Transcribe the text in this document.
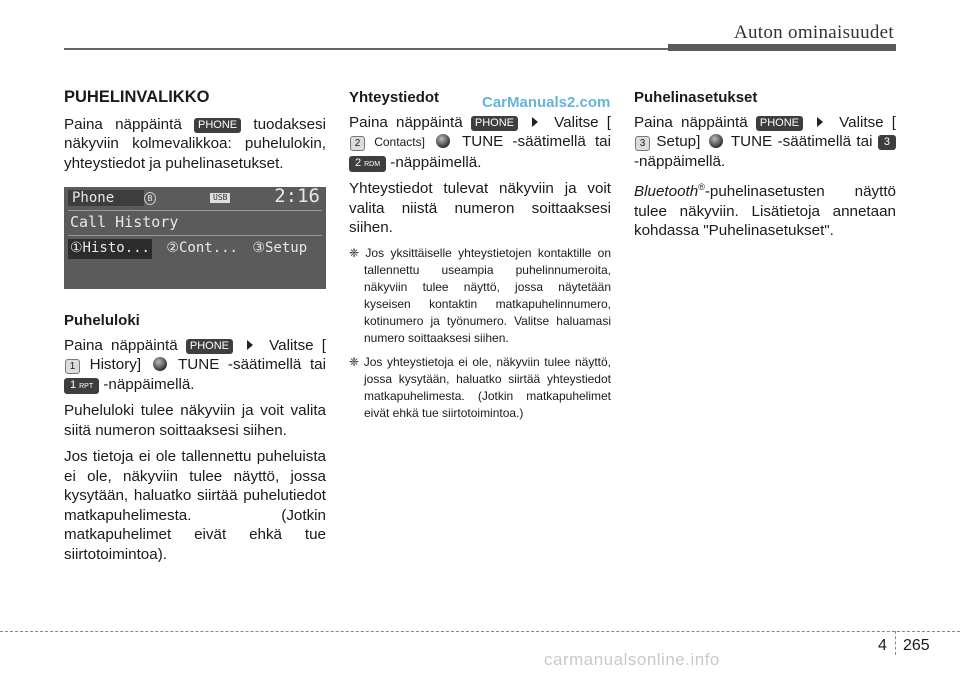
Auton ominaisuudet
CarManuals2.com
PUHELINVALIKKO

Paina näppäintä PHONE tuodaksesi näkyviin kolmevalikkoa: puhelulokin, yhteystiedot ja puhelinasetukset.

Phone	B	USB 2:16
Call History
①Histo... ②Cont... ③Setup
Puheluloki

Paina näppäintä PHONE Valitse [1 History]  TUNE -säätimellä tai 1 RPT -näppäimellä.

Puheluloki tulee näkyviin ja voit valita siitä numeron soittaaksesi siihen.

Jos tietoja ei ole tallennettu puheluista ei ole, näkyviin tulee näyttö, jossa kysytään, haluatko siirtää puhelutiedot matkapuhelimesta. (Jotkin matkapuhelimet eivät ehkä tue siirtotoimintoa).

Yhteystiedot

Paina näppäintä PHONE Valitse [2 Contacts]  TUNE -säätimellä tai 2 RDM -näppäimellä.

Yhteystiedot tulevat näkyviin ja voit valita niistä numeron soittaaksesi siihen.

❈ Jos yksittäiselle yhteystietojen kontaktille on tallennettu useampia puhelinnumeroita, näkyviin tulee näyttö, jossa näytetään kyseisen kontaktin matkapuhelinnumero, kotinumero ja työnumero. Valitse haluamasi numero soittaaksesi siihen.

❈ Jos yhteystietoja ei ole, näkyviin tulee näyttö, jossa kysytään, haluatko siirtää yhteystiedot matkapuhelimesta. (Jotkin matkapuhelimet eivät ehkä tue siirtotoimintoa.)

Puhelinasetukset

Paina näppäintä PHONE Valitse [3 Setup]  TUNE -säätimellä tai 3 -näppäimellä.

Bluetooth®-puhelinasetusten näyttö tulee näkyviin. Lisätietoja annetaan kohdassa "Puhelinasetukset".

4 265
carmanualsonline.info
